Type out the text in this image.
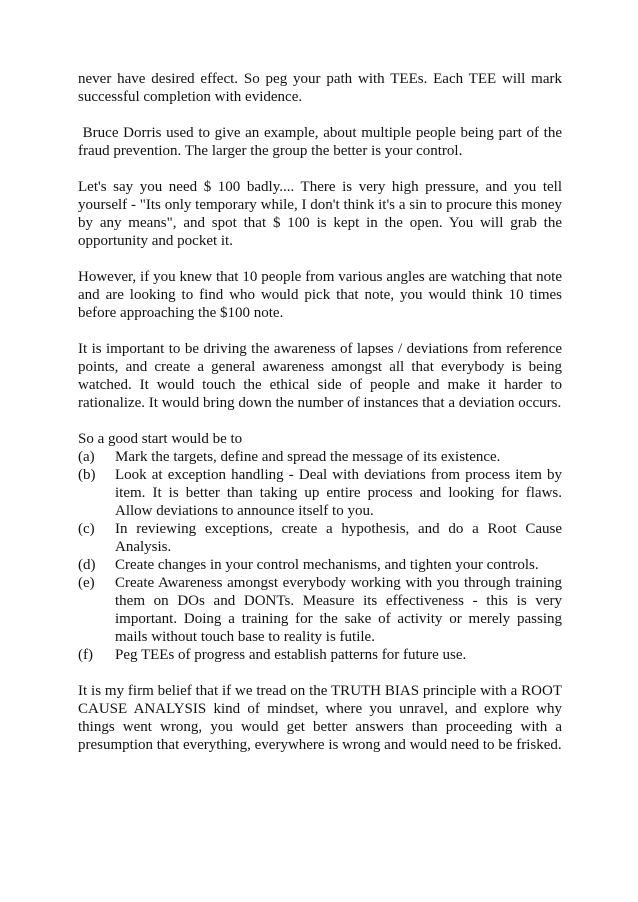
never have desired effect. So peg your path with TEEs. Each TEE will mark successful completion with evidence.

Bruce Dorris used to give an example, about multiple people being part of the fraud prevention. The larger the group the better is your control.

Let's say you need $ 100 badly.... There is very high pressure, and you tell yourself - "Its only temporary while, I don't think it's a sin to procure this money by any means", and spot that $ 100 is kept in the open. You will grab the opportunity and pocket it.

However, if you knew that 10 people from various angles are watching that note and are looking to find who would pick that note, you would think 10 times before approaching the $100 note.

It is important to be driving the awareness of lapses / deviations from reference points, and create a general awareness amongst all that everybody is being watched. It would touch the ethical side of people and make it harder to rationalize. It would bring down the number of instances that a deviation occurs.

So a good start would be to

(a)	Mark the targets, define and spread the message of its existence.
(b)	Look at exception handling - Deal with deviations from process item by item. It is better than taking up entire process and looking for flaws. Allow deviations to announce itself to you.
(c)	In reviewing exceptions, create a hypothesis, and do a Root Cause Analysis.
(d)	Create changes in your control mechanisms, and tighten your controls.
(e)	Create Awareness amongst everybody working with you through training them on DOs and DONTs. Measure its effectiveness - this is very important. Doing a training for the sake of activity or merely passing mails without touch base to reality is futile.
(f)	Peg TEEs of progress and establish patterns for future use.

It is my firm belief that if we tread on the TRUTH BIAS principle with a ROOT CAUSE ANALYSIS kind of mindset, where you unravel, and explore why things went wrong, you would get better answers than proceeding with a presumption that everything, everywhere is wrong and would need to be frisked.
